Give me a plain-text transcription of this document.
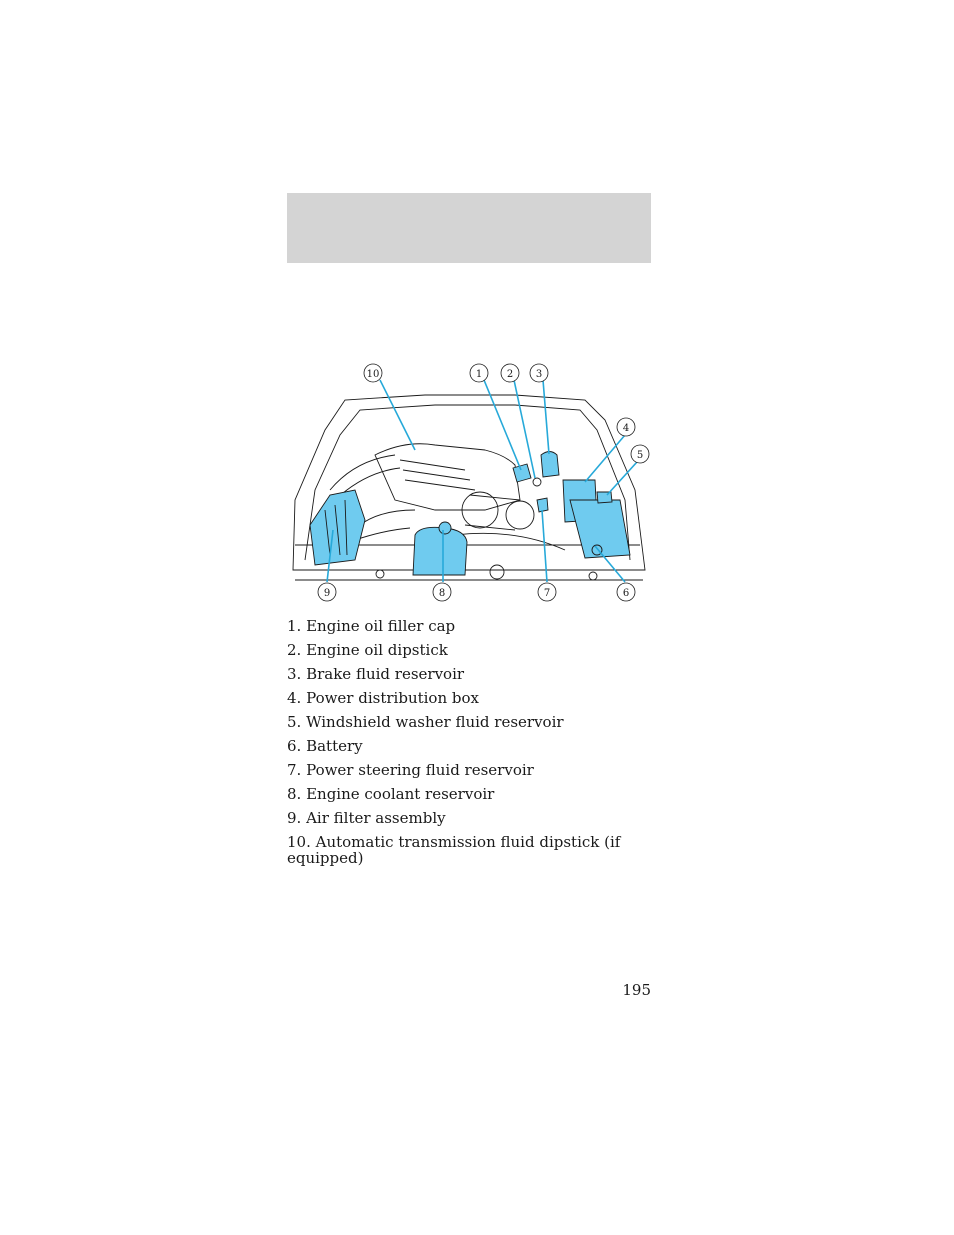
1 2 3
4
5
6
7
8
9
10
1. Engine oil filler cap
2. Engine oil dipstick
3. Brake fluid reservoir
4. Power distribution box
5. Windshield washer fluid reservoir
6. Battery
7. Power steering fluid reservoir
8. Engine coolant reservoir
9. Air filter assembly
10. Automatic transmission fluid dipstick (if equipped)
195
